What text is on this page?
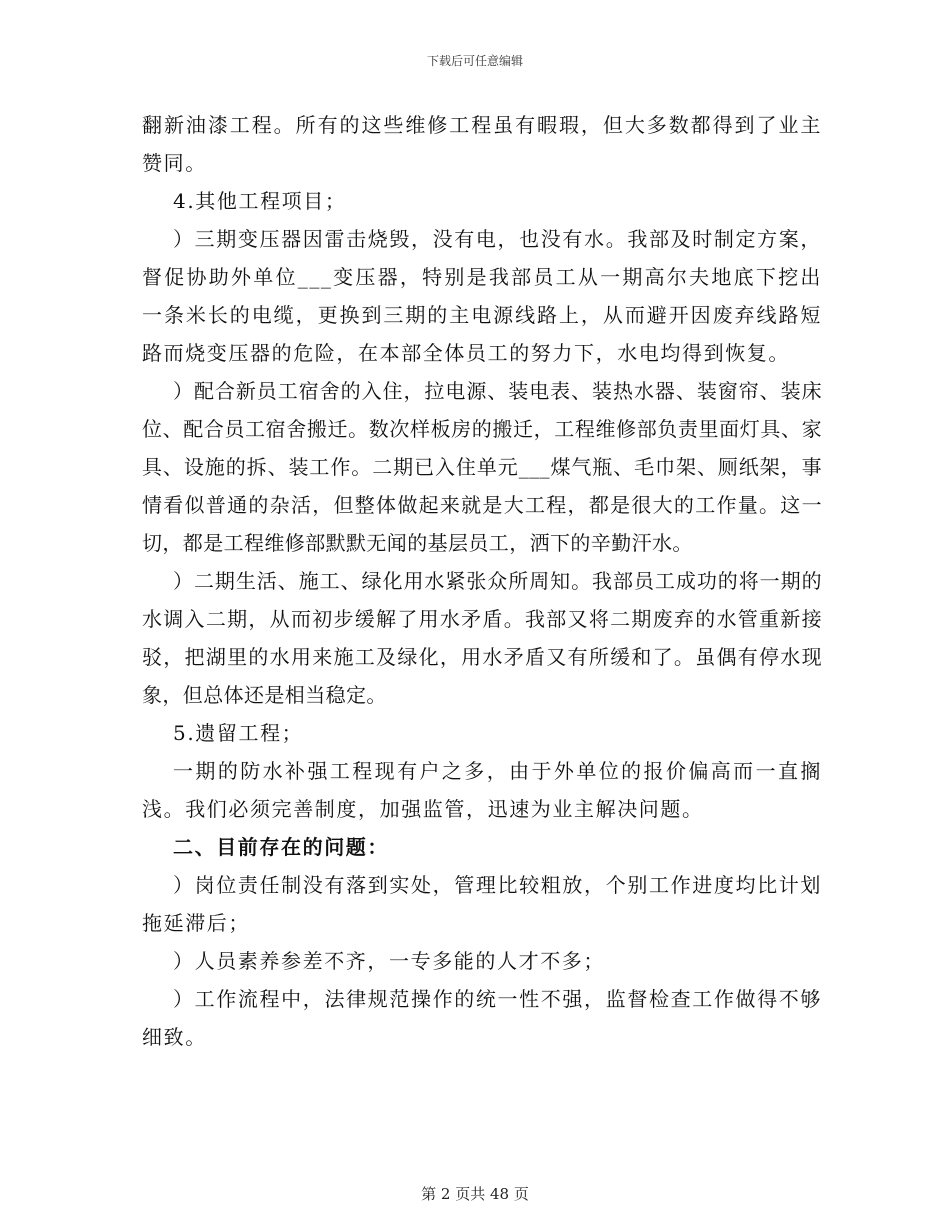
下载后可任意编辑

翻新油漆工程。所有的这些维修工程虽有暇瑕，但大多数都得到了业主赞同。

4.其他工程项目；

）三期变压器因雷击烧毁，没有电，也没有水。我部及时制定方案，督促协助外单位___变压器，特别是我部员工从一期高尔夫地底下挖出一条米长的电缆，更换到三期的主电源线路上，从而避开因废弃线路短路而烧变压器的危险，在本部全体员工的努力下，水电均得到恢复。

）配合新员工宿舍的入住，拉电源、装电表、装热水器、装窗帘、装床位、配合员工宿舍搬迁。数次样板房的搬迁，工程维修部负责里面灯具、家具、设施的拆、装工作。二期已入住单元___煤气瓶、毛巾架、厕纸架，事情看似普通的杂活，但整体做起来就是大工程，都是很大的工作量。这一切，都是工程维修部默默无闻的基层员工，洒下的辛勤汗水。

）二期生活、施工、绿化用水紧张众所周知。我部员工成功的将一期的水调入二期，从而初步缓解了用水矛盾。我部又将二期废弃的水管重新接驳，把湖里的水用来施工及绿化，用水矛盾又有所缓和了。虽偶有停水现象，但总体还是相当稳定。

5.遗留工程；

一期的防水补强工程现有户之多，由于外单位的报价偏高而一直搁浅。我们必须完善制度，加强监管，迅速为业主解决问题。

二、目前存在的问题：

）岗位责任制没有落到实处，管理比较粗放，个别工作进度均比计划拖延滞后；

）人员素养参差不齐，一专多能的人才不多；

）工作流程中，法律规范操作的统一性不强，监督检查工作做得不够细致。

第 2 页共 48 页
